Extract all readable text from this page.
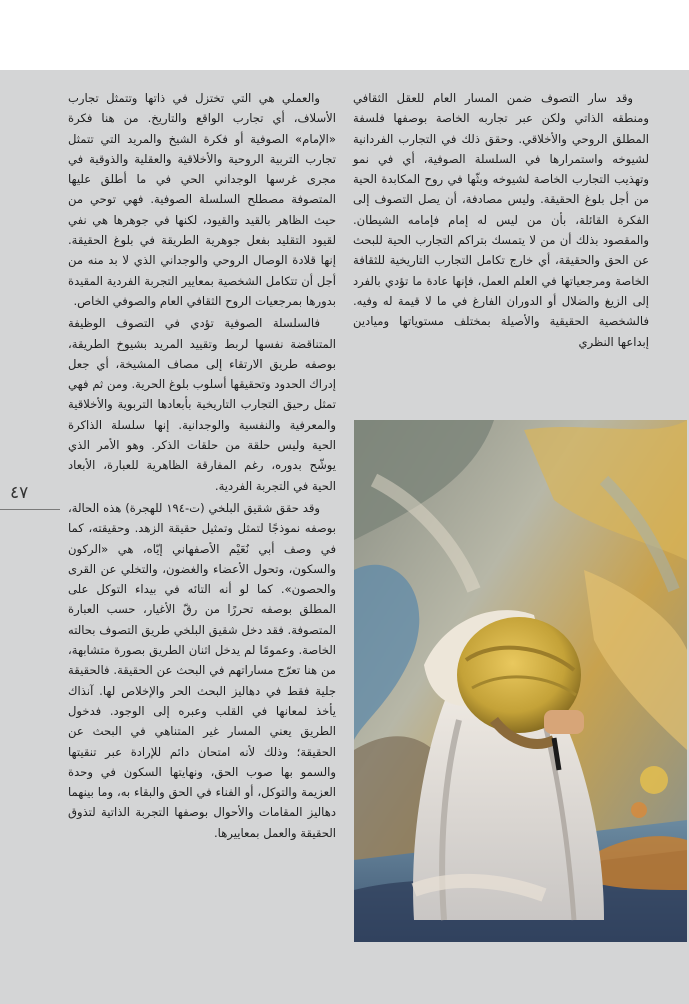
وقد سار التصوف ضمن المسار العام للعقل الثقافي ومنطقه الذاتي ولكن عبر تجاربه الخاصة بوصفها فلسفة المطلق الروحي والأخلاقي. وحقق ذلك في التجارب الفردانية لشيوخه واستمرارها في السلسلة الصوفية، أي في نمو وتهذيب التجارب الخاصة لشيوخه وبثّها في روح المكابدة الحية من أجل بلوغ الحقيقة. وليس مصادفة، أن يصل التصوف إلى الفكرة القائلة، بأن من ليس له إمام فإمامه الشيطان. والمقصود بذلك أن من لا يتمسك بتراكم التجارب الحية للبحث عن الحق والحقيقة، أي خارج تكامل التجارب التاريخية للثقافة الخاصة ومرجعياتها في العلم العمل، فإنها عادة ما تؤدي بالفرد إلى الزيغ والضلال أو الدوران الفارغ في ما لا قيمة له وفيه. فالشخصية الحقيقية والأصيلة بمختلف مستوياتها وميادين إبداعها النظري

والعملي هي التي تختزل في ذاتها وتتمثل تجارب الأسلاف، أي تجارب الواقع والتاريخ. من هنا فكرة «الإمام» الصوفية أو فكرة الشيخ والمريد التي تتمثل تجارب التربية الروحية والأخلاقية والعقلية والذوقية في مجرى غرسها الوجداني الحي في ما أطلق عليها المتصوفة مصطلح السلسلة الصوفية. فهي توحي من حيث الظاهر بالقيد والقيود، لكنها في جوهرها هي نفي لقيود التقليد بفعل جوهرية الطريقة في بلوغ الحقيقة. إنها قلادة الوصال الروحي والوجداني الذي لا بد منه من أجل أن تتكامل الشخصية بمعايير التجربة الفردية المقيدة بدورها بمرجعيات الروح الثقافي العام والصوفي الخاص.

فالسلسلة الصوفية تؤدي في التصوف الوظيفة المتناقضة نفسها لربط وتقييد المريد بشيوخ الطريقة، بوصفه طريق الارتقاء إلى مصاف المشيخة، أي جعل إدراك الحدود وتحقيقها أسلوب بلوغ الحرية. ومن ثم فهي تمثل رحيق التجارب التاريخية بأبعادها التربوية والأخلاقية والمعرفية والنفسية والوجدانية. إنها سلسلة الذاكرة الحية وليس حلقة من حلقات الذكر. وهو الأمر الذي يوشّح بدوره، رغم المفارقة الظاهرية للعبارة، الأبعاد الحية في التجربة الفردية.

وقد حقق شقيق البلخي (ت-١٩٤ للهجرة) هذه الحالة، بوصفه نموذجًا لتمثل وتمثيل حقيقة الزهد. وحقيقته، كما في وصف أبي نُعَيْم الأصفهاني إيّاه، هي «الركون والسكون، وتحول الأعضاء والغضون، والتخلي عن القرى والحصون». كما لو أنه التائه في بيداء التوكل على المطلق بوصفه تحررًا من رقّ الأغيار، حسب العبارة المتصوفة. فقد دخل شقيق البلخي طريق التصوف بحالته الخاصة. وعمومًا لم يدخل اثنان الطريق بصورة متشابهة، من هنا تعرّج مساراتهم في البحث عن الحقيقة. فالحقيقة جلية فقط في دهاليز البحث الحر والإخلاص لها. آنذاك يأخذ لمعانها في القلب وعبره إلى الوجود. فدخول الطريق يعني المسار غير المتناهي في البحث عن الحقيقة؛ وذلك لأنه امتحان دائم للإرادة عبر تنقيتها والسمو بها صوب الحق، ونهايتها السكون في وحدة العزيمة والتوكل، أو الفناء في الحق والبقاء به، وما بينهما دهاليز المقامات والأحوال بوصفها التجربة الذاتية لتذوق الحقيقة والعمل بمعاييرها.

٤٧
